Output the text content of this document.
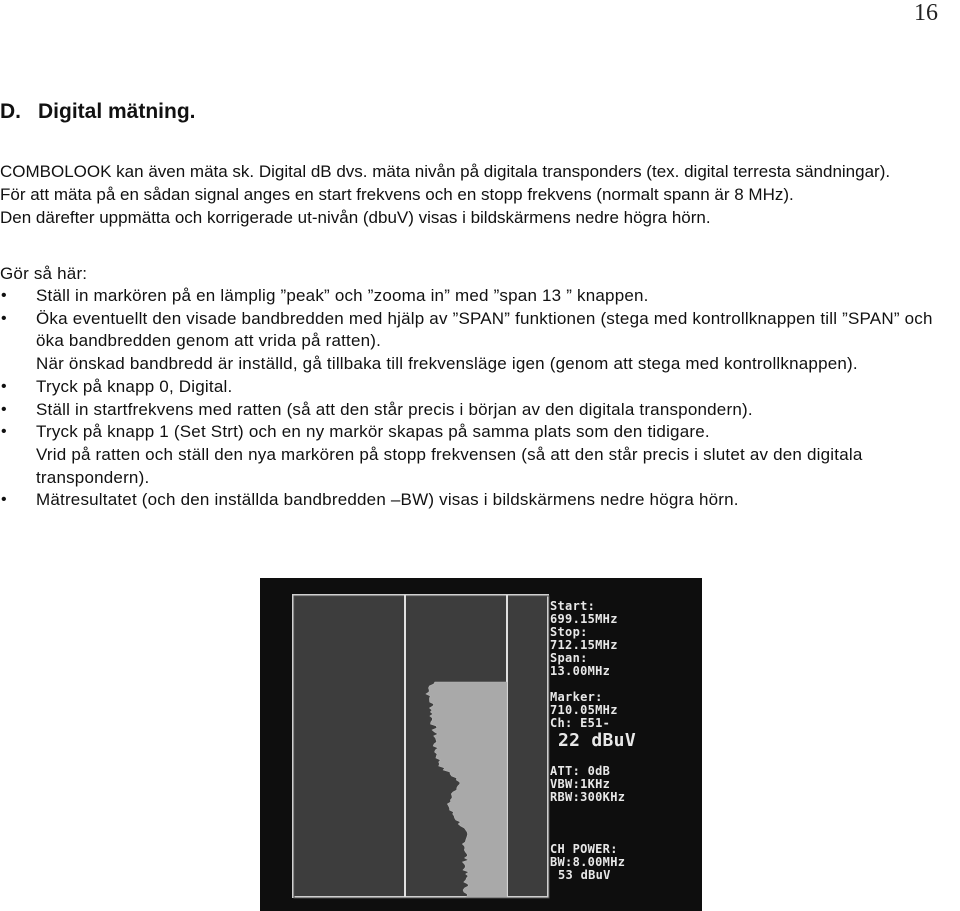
16
D. Digital mätning.
COMBOLOOK kan även mäta sk. Digital dB dvs. mäta nivån på digitala transponders (tex. digital terresta sändningar).
För att mäta på en sådan signal anges en start frekvens och en stopp frekvens (normalt spann är 8 MHz).
Den därefter uppmätta och korrigerade ut-nivån (dbuV) visas i bildskärmens nedre högra hörn.
Gör så här:
• Ställ in markören på en lämplig ”peak” och ”zooma in” med ”span 13 ” knappen.
• Öka eventuellt den visade bandbredden med hjälp av ”SPAN” funktionen (stega med kontrollknappen till ”SPAN” och
öka bandbredden genom att vrida på ratten).
När önskad bandbredd är inställd, gå tillbaka till frekvensläge igen (genom att stega med kontrollknappen).
• Tryck på knapp 0, Digital.
• Ställ in startfrekvens med ratten (så att den står precis i början av den digitala transpondern).
• Tryck på knapp 1 (Set Strt) och en ny markör skapas på samma plats som den tidigare.
Vrid på ratten och ställ den nya markören på stopp frekvensen (så att den står precis i slutet av den digitala
transpondern).
• Mätresultatet (och den inställda bandbredden –BW) visas i bildskärmens nedre högra hörn.
Start:
699.15MHz
Stop:
712.15MHz
Span:
13.00MHz
Marker:
710.05MHz
Ch: E51-
22 dBuV
ATT: 0dB
VBW:1KHz
RBW:300KHz
CH POWER:
BW:8.00MHz
53 dBuV
